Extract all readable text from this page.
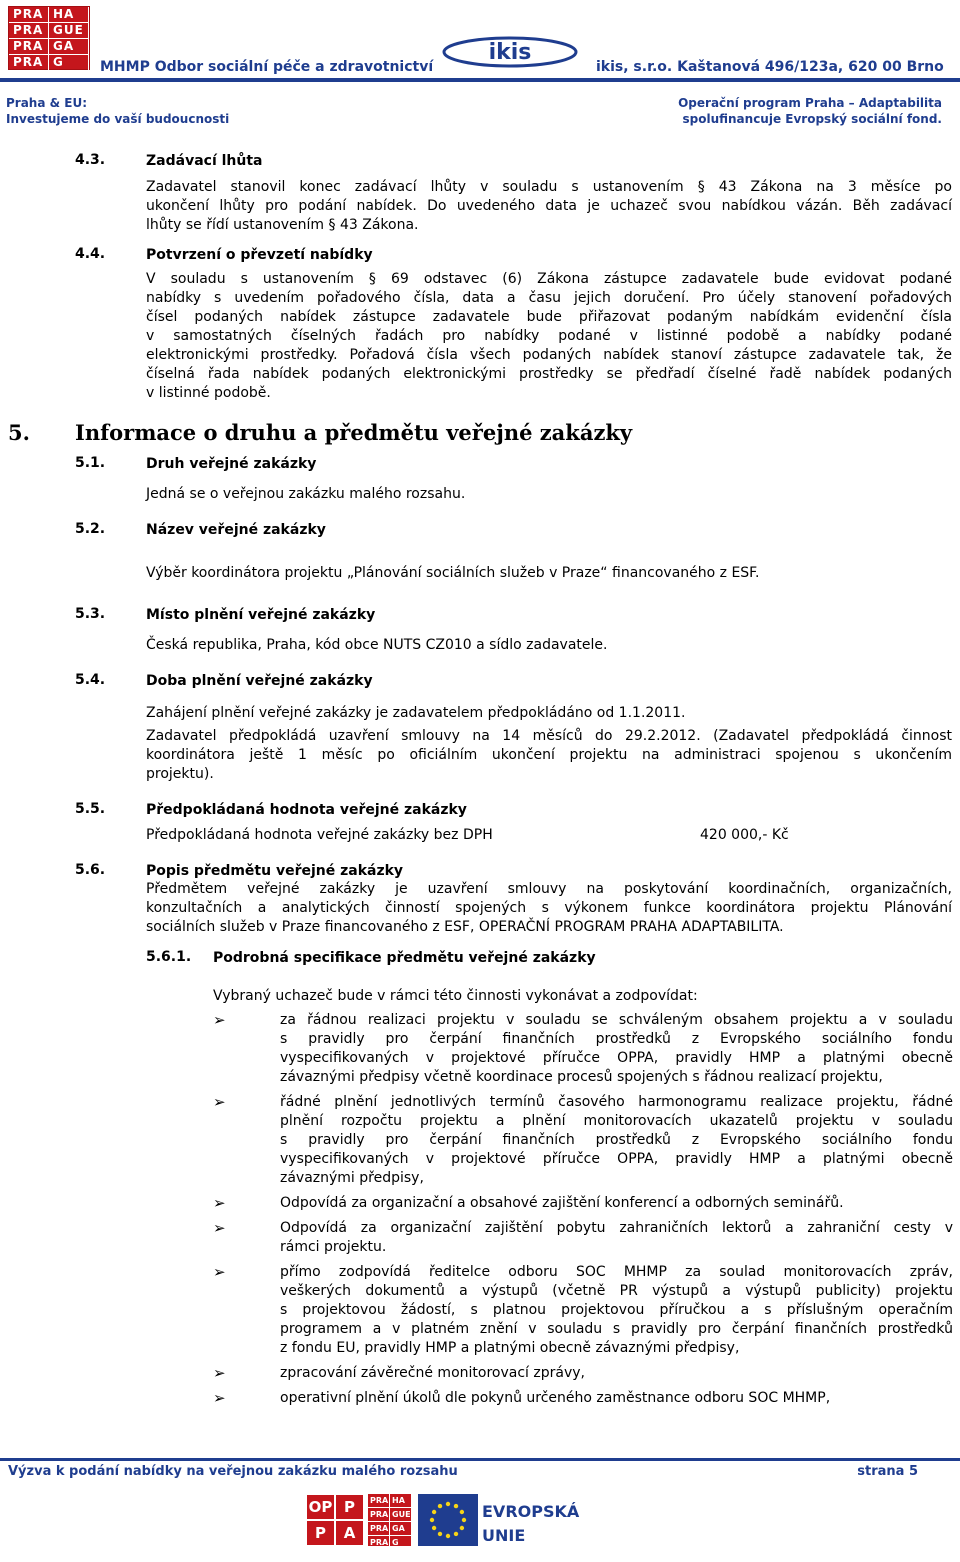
PRA HA
PRA GUE
PRA GA
PRA G	MHMP Odbor sociální péče a zdravotnictví
ikis
ikis, s.r.o. Kaštanová 496/123a, 620 00 Brno
Praha & EU:
Investujeme do vaší budoucnosti
Operační program Praha – Adaptabilita
spolufinancuje Evropský sociální fond.
4.3.	Zadávací lhůta
Zadavatel stanovil konec zadávací lhůty v souladu s ustanovením § 43 Zákona na 3 měsíce po
ukončení lhůty pro podání nabídek. Do uvedeného data je uchazeč svou nabídkou vázán. Běh zadávací
lhůty se řídí ustanovením § 43 Zákona.
4.4.	Potvrzení o převzetí nabídky
V souladu s ustanovením § 69 odstavec (6) Zákona zástupce zadavatele bude evidovat podané
nabídky s uvedením pořadového čísla, data a času jejich doručení. Pro účely stanovení pořadových
čísel podaných nabídek zástupce zadavatele bude přiřazovat podaným nabídkám evidenční čísla
v samostatných číselných řadách pro nabídky podané v listinné podobě a nabídky podané
elektronickými prostředky. Pořadová čísla všech podaných nabídek stanoví zástupce zadavatele tak, že
číselná řada nabídek podaných elektronickými prostředky se předřadí číselné řadě nabídek podaných
v listinné podobě.
5. Informace o druhu a předmětu veřejné zakázky
5.1.	Druh veřejné zakázky
Jedná se o veřejnou zakázku malého rozsahu.
5.2.	Název veřejné zakázky
Výběr koordinátora projektu „Plánování sociálních služeb v Praze“ financovaného z ESF.
5.3.	Místo plnění veřejné zakázky
Česká republika, Praha, kód obce NUTS CZ010 a sídlo zadavatele.
5.4.	Doba plnění veřejné zakázky
Zahájení plnění veřejné zakázky je zadavatelem předpokládáno od 1.1.2011.
Zadavatel předpokládá uzavření smlouvy na 14 měsíců do 29.2.2012. (Zadavatel předpokládá činnost
koordinátora ještě 1 měsíc po oficiálním ukončení projektu na administraci spojenou s ukončením
projektu).
5.5.	Předpokládaná hodnota veřejné zakázky
Předpokládaná hodnota veřejné zakázky bez DPH	420 000,- Kč
5.6.	Popis předmětu veřejné zakázky
Předmětem veřejné zakázky je uzavření smlouvy na poskytování koordinačních, organizačních,
konzultačních a analytických činností spojených s výkonem funkce koordinátora projektu Plánování
sociálních služeb v Praze financovaného z ESF, OPERAČNÍ PROGRAM PRAHA ADAPTABILITA.
5.6.1. Podrobná specifikace předmětu veřejné zakázky
Vybraný uchazeč bude v rámci této činnosti vykonávat a zodpovídat:
➢	za řádnou realizaci projektu v souladu se schváleným obsahem projektu a v souladu
s pravidly pro čerpání finančních prostředků z Evropského sociálního fondu
vyspecifikovaných v projektové příručce OPPA, pravidly HMP a platnými obecně
závaznými předpisy včetně koordinace procesů spojených s řádnou realizací projektu,
➢	řádné plnění jednotlivých termínů časového harmonogramu realizace projektu, řádné
plnění rozpočtu projektu a plnění monitorovacích ukazatelů projektu v souladu
s pravidly pro čerpání finančních prostředků z Evropského sociálního fondu
vyspecifikovaných v projektové příručce OPPA, pravidly HMP a platnými obecně
závaznými předpisy,
➢	Odpovídá za organizační a obsahové zajištění konferencí a odborných seminářů.
➢	Odpovídá za organizační zajištění pobytu zahraničních lektorů a zahraniční cesty v
rámci projektu.
➢	přímo zodpovídá ředitelce odboru SOC MHMP za soulad monitorovacích zpráv,
veškerých dokumentů a výstupů (včetně PR výstupů a výstupů publicity) projektu
s projektovou žádostí, s platnou projektovou příručkou a s příslušným operačním
programem a v platném znění v souladu s pravidly pro čerpání finančních prostředků
z fondu EU, pravidly HMP a platnými obecně závaznými předpisy,
➢	zpracování závěrečné monitorovací zprávy,
➢	operativní plnění úkolů dle pokynů určeného zaměstnance odboru SOC MHMP,
Výzva k podání nabídky na veřejnou zakázku malého rozsahu	strana 5
OP P
P	A
PRA HA
PRA GUE
PRA GA
PRA G
EVROPSKÁ
UNIE
